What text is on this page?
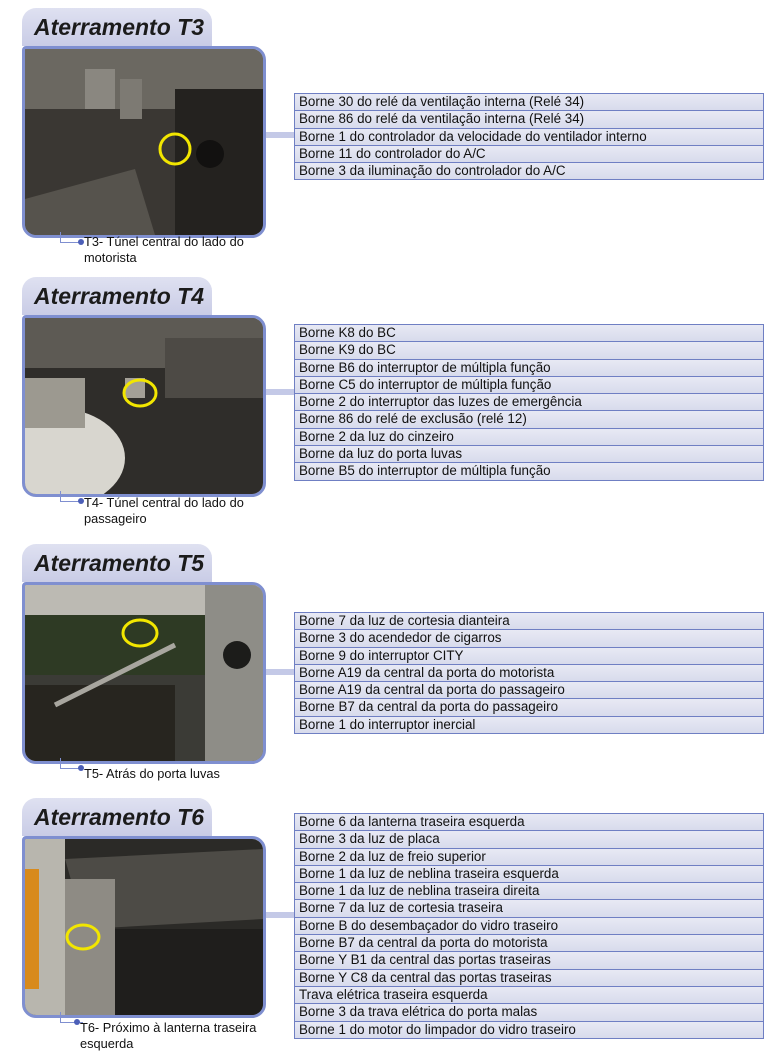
Aterramento T3
Borne 30 do relé da ventilação interna (Relé 34)
Borne 86 do relé da ventilação interna (Relé 34)
Borne 1 do controlador da velocidade do ventilador interno
Borne 11 do controlador do A/C
Borne 3 da iluminação do controlador do A/C
T3- Túnel central do lado do motorista
Aterramento T4
Borne K8 do BC
Borne K9 do BC
Borne B6 do interruptor de múltipla função
Borne C5 do interruptor de múltipla função
Borne 2 do interruptor das luzes de emergência
Borne 86 do relé de exclusão (relé 12)
Borne 2 da luz do cinzeiro
Borne da luz do porta luvas
Borne B5 do interruptor de múltipla função
T4- Túnel central do lado do passageiro
Aterramento T5
Borne 7 da luz de cortesia dianteira
Borne 3 do acendedor de cigarros
Borne 9 do interruptor CITY
Borne A19 da central da porta do motorista
Borne A19 da central da porta do passageiro
Borne B7 da central da porta do passageiro
Borne 1 do interruptor inercial
T5- Atrás do porta luvas
Aterramento T6	Borne 6 da lanterna traseira esquerda
Borne 3 da luz de placa
Borne 2 da luz de freio superior
Borne 1 da luz de neblina traseira esquerda
Borne 1 da luz de neblina traseira direita
Borne 7 da luz de cortesia traseira
Borne B do desembaçador do vidro traseiro
Borne B7 da central da porta do motorista
Borne Y B1 da central das portas traseiras
Borne Y C8 da central das portas traseiras
Trava elétrica traseira esquerda
Borne 3 da trava elétrica do porta malas
Borne 1 do motor do limpador do vidro traseiro
T6- Próximo à lanterna traseira esquerda
